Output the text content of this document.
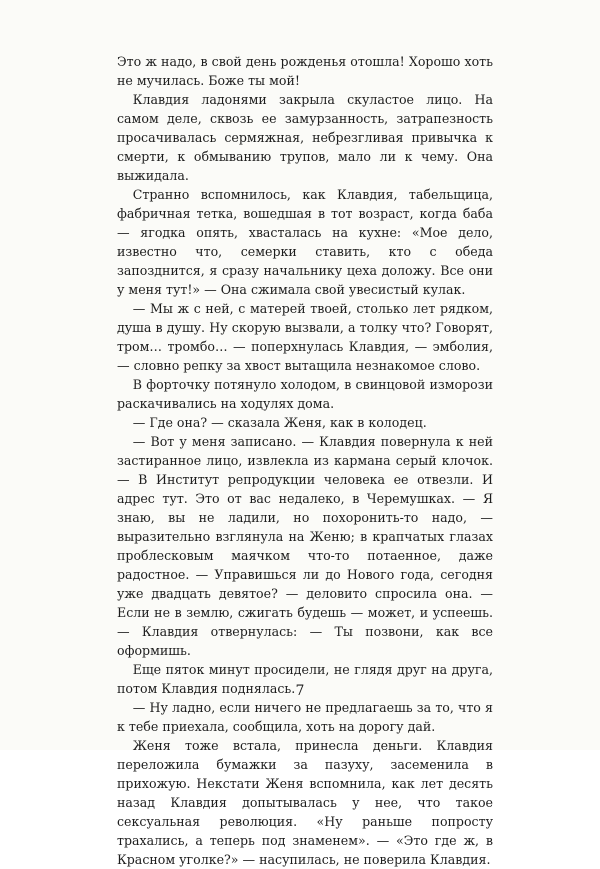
Это ж надо, в свой день рожденья отошла! Хорошо хоть не мучилась. Боже ты мой!

Клавдия ладонями закрыла скуластое лицо. На самом деле, сквозь ее замурзанность, затрапезность просачивалась сермяжная, небрезгливая привычка к смерти, к обмыванию трупов, мало ли к чему. Она выжидала.

Странно вспомнилось, как Клавдия, табельщица, фабричная тетка, вошедшая в тот возраст, когда баба — ягодка опять, хвасталась на кухне: «Мое дело, известно что, семерки ставить, кто с обеда запозднится, я сразу начальнику цеха доложу. Все они у меня тут!» — Она сжимала свой увесистый кулак.

— Мы ж с ней, с матерей твоей, столько лет рядком, душа в душу. Ну скорую вызвали, а толку что? Говорят, тром… тромбо… — поперхнулась Клавдия, — эмболия, — словно репку за хвост вытащила незнакомое слово.

В форточку потянуло холодом, в свинцовой изморози раскачивались на ходулях дома.

— Где она? — сказала Женя, как в колодец.

— Вот у меня записано. — Клавдия повернула к ней застиранное лицо, извлекла из кармана серый клочок. — В Институт репродукции человека ее отвезли. И адрес тут. Это от вас недалеко, в Черемушках. — Я знаю, вы не ладили, но похоронить-то надо, — выразительно взглянула на Женю; в крапчатых глазах проблесковым маячком что-то потаенное, даже радостное. — Управишься ли до Нового года, сегодня уже двадцать девятое? — деловито спросила она. — Если не в землю, сжигать будешь — может, и успеешь. — Клавдия отвернулась: — Ты позвони, как все оформишь.

Еще пяток минут просидели, не глядя друг на друга, потом Клавдия поднялась.

— Ну ладно, если ничего не предлагаешь за то, что я к тебе приехала, сообщила, хоть на дорогу дай.

Женя тоже встала, принесла деньги. Клавдия переложила бумажки за пазуху, засеменила в прихожую. Некстати Женя вспомнила, как лет десять назад Клавдия допытывалась у нее, что такое сексуальная революция. «Ну раньше попросту трахались, а теперь под знаменем». — «Это где ж, в Красном уголке?» — насупилась, не поверила Клавдия.

7
